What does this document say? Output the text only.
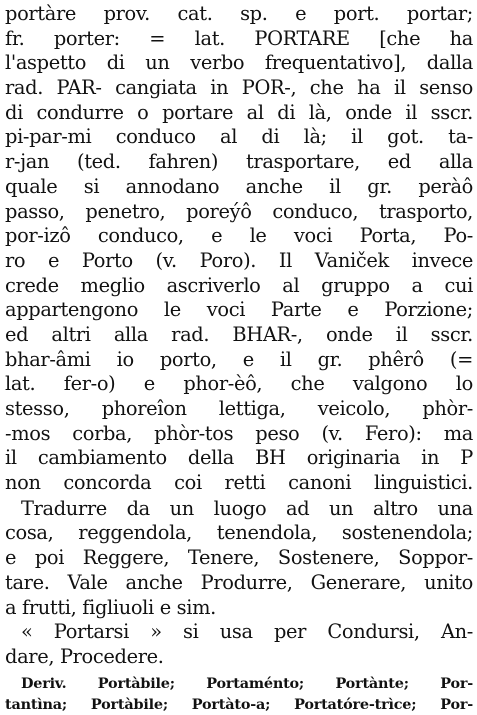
portàre prov. cat. sp. e port. portar;
fr. porter: = lat. PORTARE [che ha
l'aspetto di un verbo frequentativo], dalla
rad. PAR- cangiata in POR-, che ha il senso
di condurre o portare al di là, onde il sscr.
pi-par-mi conduco al di là; il got. ta-
r-jan (ted. fahren) trasportare, ed alla
quale si annodano anche il gr. peràô
passo, penetro, poreýô conduco, trasporto,
por-izô conduco, e le voci Porta, Po-
ro e Porto (v. Poro). Il Vaniček invece
crede meglio ascriverlo al gruppo a cui
appartengono le voci Parte e Porzione;
ed altri alla rad. BHAR-, onde il sscr.
bhar-âmi io porto, e il gr. phêrô (=
lat. fer-o) e phor-èô, che valgono lo
stesso, phoreîon lettiga, veicolo, phòr-
-mos corba, phòr-tos peso (v. Fero): ma
il cambiamento della BH originaria in P
non concorda coi retti canoni linguistici.
Tradurre da un luogo ad un altro una
cosa, reggendola, tenendola, sostenendola;
e poi Reggere, Tenere, Sostenere, Soppor-
tare. Vale anche Produrre, Generare, unito
a frutti, figliuoli e sim.
« Portarsi » si usa per Condursi, An-
dare, Procedere.
Deriv. Portàbile; Portaménto; Portànte; Por-
tantìna; Portàbile; Portàto-a; Portatóre-trìce; Por-
